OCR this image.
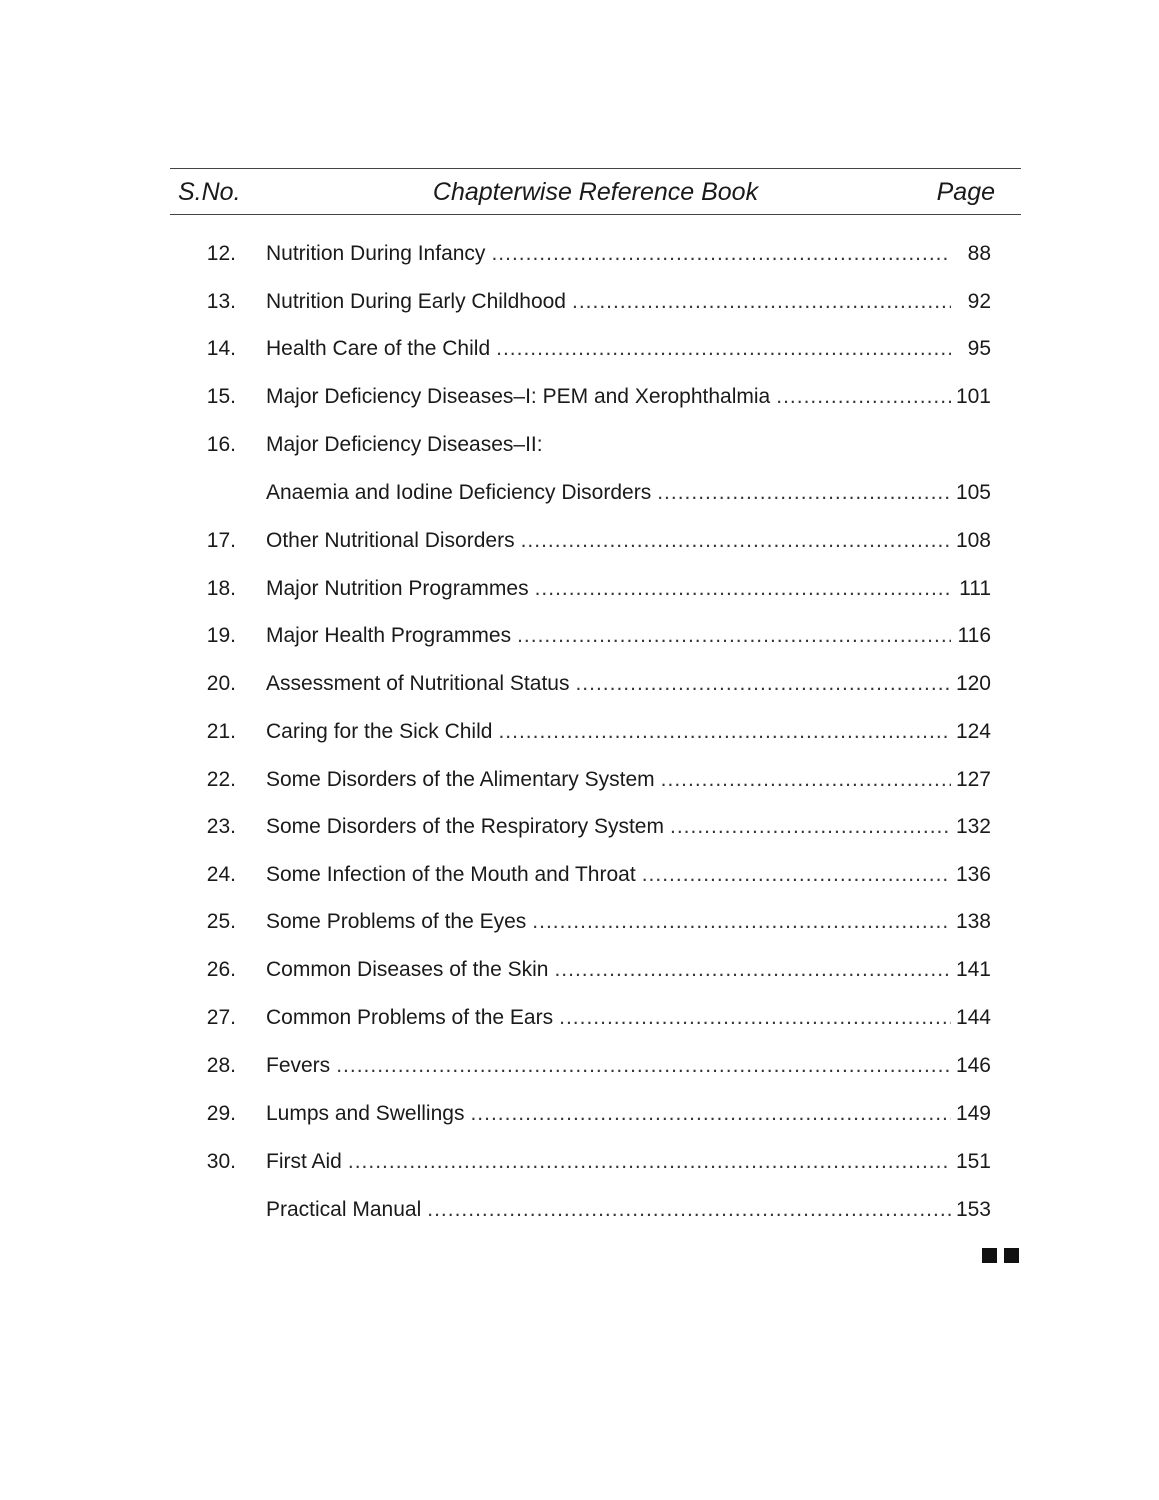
S.No.	Chapterwise Reference Book	Page
12. Nutrition During Infancy .....	88
13. Nutrition During Early Childhood .....	92
14. Health Care of the Child .....	95
15. Major Deficiency Diseases–I: PEM and Xerophthalmia .....	101
16. Major Deficiency Diseases–II:
Anaemia and Iodine Deficiency Disorders .....	105
17. Other Nutritional Disorders .....	108
18. Major Nutrition Programmes .....	111
19. Major Health Programmes .....	116
20. Assessment of Nutritional Status .....	120
21. Caring for the Sick Child .....	124
22. Some Disorders of the Alimentary System .....	127
23. Some Disorders of the Respiratory System .....	132
24. Some Infection of the Mouth and Throat .....	136
25. Some Problems of the Eyes .....	138
26. Common Diseases of the Skin .....	141
27. Common Problems of the Ears .....	144
28. Fevers .....	146
29. Lumps and Swellings .....	149
30. First Aid .....	151
Practical Manual .....	153
